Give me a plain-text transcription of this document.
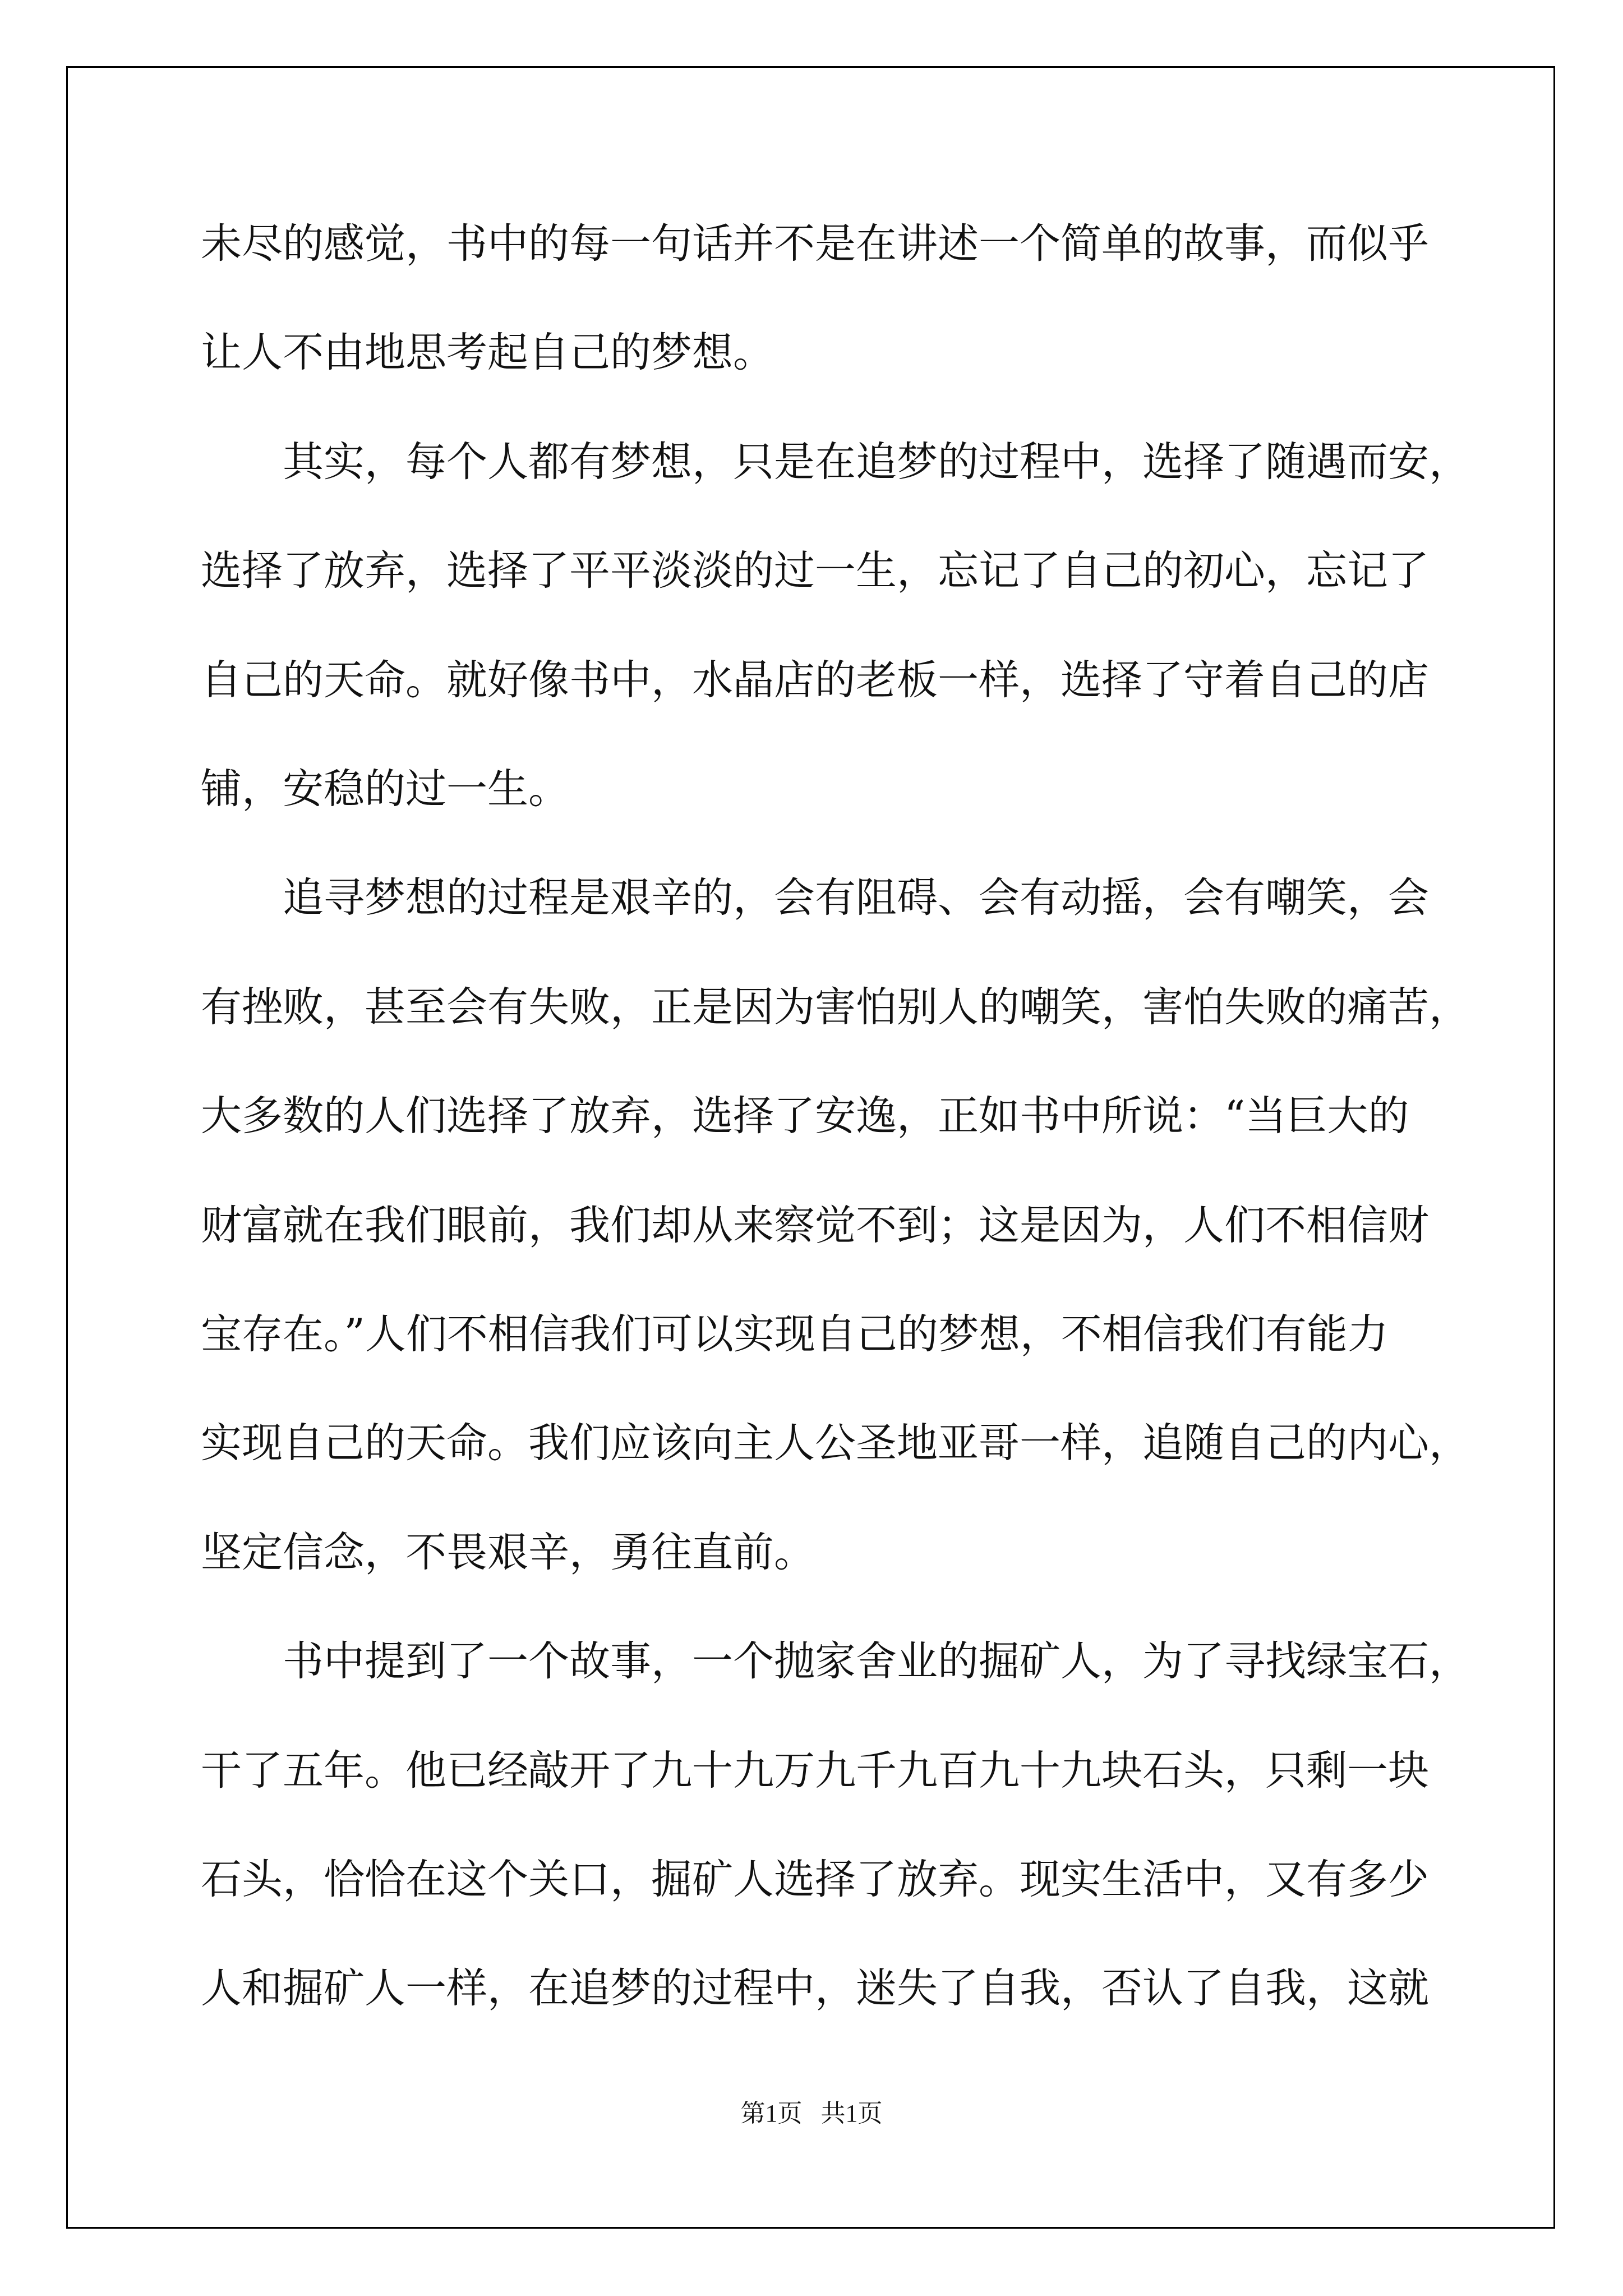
未尽的感觉，书中的每一句话并不是在讲述一个简单的故事，而似乎
让人不由地思考起自己的梦想。
其实，每个人都有梦想，只是在追梦的过程中，选择了随遇而安，
选择了放弃，选择了平平淡淡的过一生，忘记了自己的初心，忘记了
自己的天命。就好像书中，水晶店的老板一样，选择了守着自己的店
铺，安稳的过一生。
追寻梦想的过程是艰辛的，会有阻碍、会有动摇，会有嘲笑，会
有挫败，甚至会有失败，正是因为害怕别人的嘲笑，害怕失败的痛苦，
大多数的人们选择了放弃，选择了安逸，正如书中所说：“当巨大的
财富就在我们眼前，我们却从来察觉不到；这是因为，人们不相信财
宝存在。”人们不相信我们可以实现自己的梦想，不相信我们有能力
实现自己的天命。我们应该向主人公圣地亚哥一样，追随自己的内心，
坚定信念，不畏艰辛，勇往直前。
书中提到了一个故事，一个抛家舍业的掘矿人，为了寻找绿宝石，
干了五年。他已经敲开了九十九万九千九百九十九块石头，只剩一块
石头，恰恰在这个关口，掘矿人选择了放弃。现实生活中，又有多少
人和掘矿人一样，在追梦的过程中，迷失了自我，否认了自我，这就
第1页   共1页
